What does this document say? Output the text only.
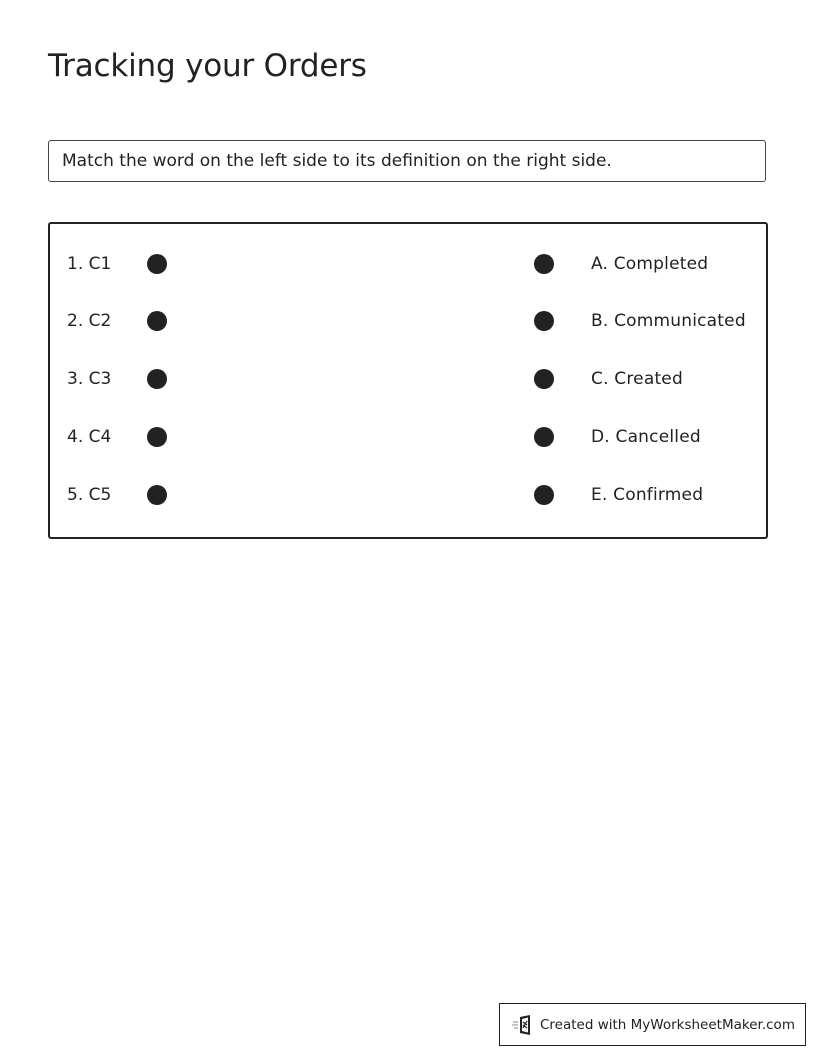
Tracking your Orders
Match the word on the left side to its definition on the right side.
1. C1	A. Completed
2. C2	B. Communicated
3. C3	C. Created
4. C4	D. Cancelled
5. C5	E. Confirmed
Created with MyWorksheetMaker.com
